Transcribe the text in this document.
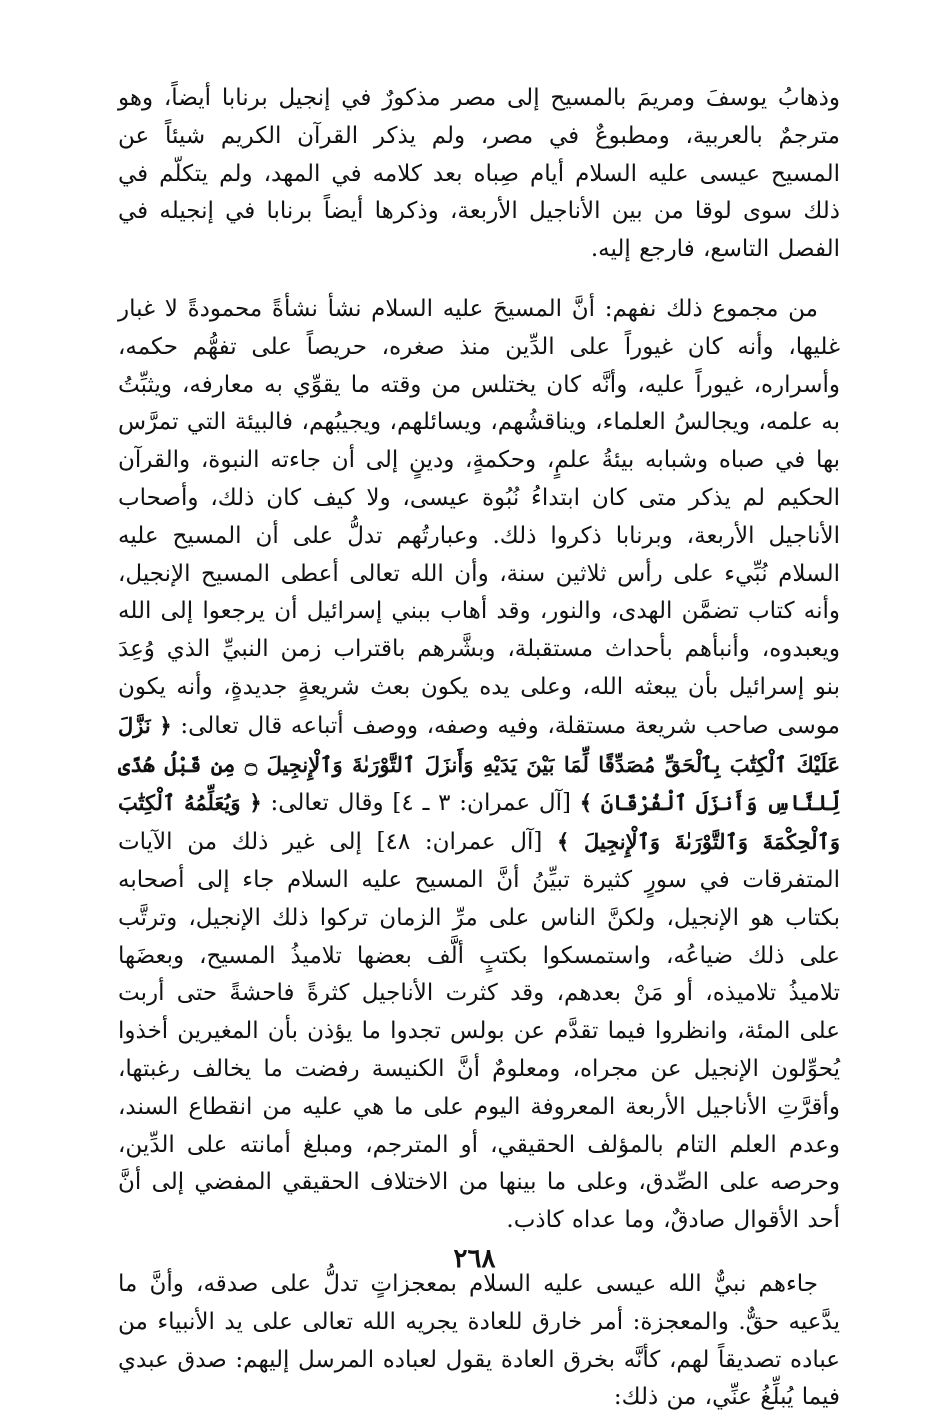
وذهابُ يوسفَ ومريمَ بالمسيح إلى مصر مذكورٌ في إنجيل برنابا أيضاً، وهو مترجمٌ بالعربية، ومطبوعٌ في مصر، ولم يذكر القرآن الكريم شيئاً عن المسيح عيسى عليه السلام أيام صِباه بعد كلامه في المهد، ولم يتكلّم في ذلك سوى لوقا من بين الأناجيل الأربعة، وذكرها أيضاً برنابا في إنجيله في الفصل التاسع، فارجع إليه.

من مجموع ذلك نفهم: أنَّ المسيحَ عليه السلام نشأ نشأةً محمودةً لا غبار غليها، وأنه كان غيوراً على الدِّين منذ صغره، حريصاً على تفهُّم حكمه، وأسراره، غيوراً عليه، وأنَّه كان يختلس من وقته ما يقوِّي به معارفه، ويثبِّتُ به علمه، ويجالسُ العلماء، ويناقشُهم، ويسائلهم، ويجيبُهم، فالبيئة التي تمرَّس بها في صباه وشبابه بيئةُ علمٍ، وحكمةٍ، ودينٍ إلى أن جاءته النبوة، والقرآن الحكيم لم يذكر متى كان ابتداءُ نُبُوة عيسى، ولا كيف كان ذلك، وأصحاب الأناجيل الأربعة، وبرنابا ذكروا ذلك. وعبارتُهم تدلُّ على أن المسيح عليه السلام نُبِّيء على رأس ثلاثين سنة، وأن الله تعالى أعطى المسيح الإنجيل، وأنه كتاب تضمَّن الهدى، والنور، وقد أهاب ببني إسرائيل أن يرجعوا إلى الله ويعبدوه، وأنبأهم بأحداث مستقبلة، وبشَّرهم باقتراب زمن النبيِّ الذي وُعِدَ بنو إسرائيل بأن يبعثه الله، وعلى يده يكون بعث شريعةٍ جديدةٍ، وأنه يكون موسى صاحب شريعة مستقلة، وفيه وصفه، ووصف أتباعه قال تعالى: ﴿ نَزَّلَ عَلَيْكَ ٱلْكِتَٰبَ بِٱلْحَقِّ مُصَدِّقًا لِّمَا بَيْنَ يَدَيْهِ وَأَنزَلَ ٱلتَّوْرَىٰةَ وَٱلْإِنجِيلَ ۝ مِن قَبْلُ هُدًى لِّلنَّاسِ وَأَنزَلَ ٱلْفُرْقَانَ ﴾ [آل عمران: ٣ ـ ٤] وقال تعالى: ﴿ وَيُعَلِّمُهُ ٱلْكِتَٰبَ وَٱلْحِكْمَةَ وَٱلتَّوْرَىٰةَ وَٱلْإِنجِيلَ ﴾ [آل عمران: ٤٨] إلى غير ذلك من الآيات المتفرقات في سورٍ كثيرة تبيِّنُ أنَّ المسيح عليه السلام جاء إلى أصحابه بكتاب هو الإنجيل، ولكنَّ الناس على مرِّ الزمان تركوا ذلك الإنجيل، وترتَّب على ذلك ضياعُه، واستمسكوا بكتبٍ ألَّف بعضها تلاميذُ المسيح، وبعضَها تلاميذُ تلاميذه، أو مَنْ بعدهم، وقد كثرت الأناجيل كثرةً فاحشةً حتى أربت على المئة، وانظروا فيما تقدَّم عن بولس تجدوا ما يؤذن بأن المغيرين أخذوا يُحوِّلون الإنجيل عن مجراه، ومعلومٌ أنَّ الكنيسة رفضت ما يخالف رغبتها، وأقرَّتِ الأناجيل الأربعة المعروفة اليوم على ما هي عليه من انقطاع السند، وعدم العلم التام بالمؤلف الحقيقي، أو المترجم، ومبلغ أمانته على الدِّين، وحرصه على الصِّدق، وعلى ما بينها من الاختلاف الحقيقي المفضي إلى أنَّ أحد الأقوال صادقٌ، وما عداه كاذب.

جاءهم نبيٌّ الله عيسى عليه السلام بمعجزاتٍ تدلُّ على صدقه، وأنَّ ما يدَّعيه حقٌّ. والمعجزة: أمر خارق للعادة يجريه الله تعالى على يد الأنبياء من عباده تصديقاً لهم، كأنَّه بخرق العادة يقول لعباده المرسل إليهم: صدق عبدي فيما يُبلِّغُ عنِّي، من ذلك:

٢٦٨
